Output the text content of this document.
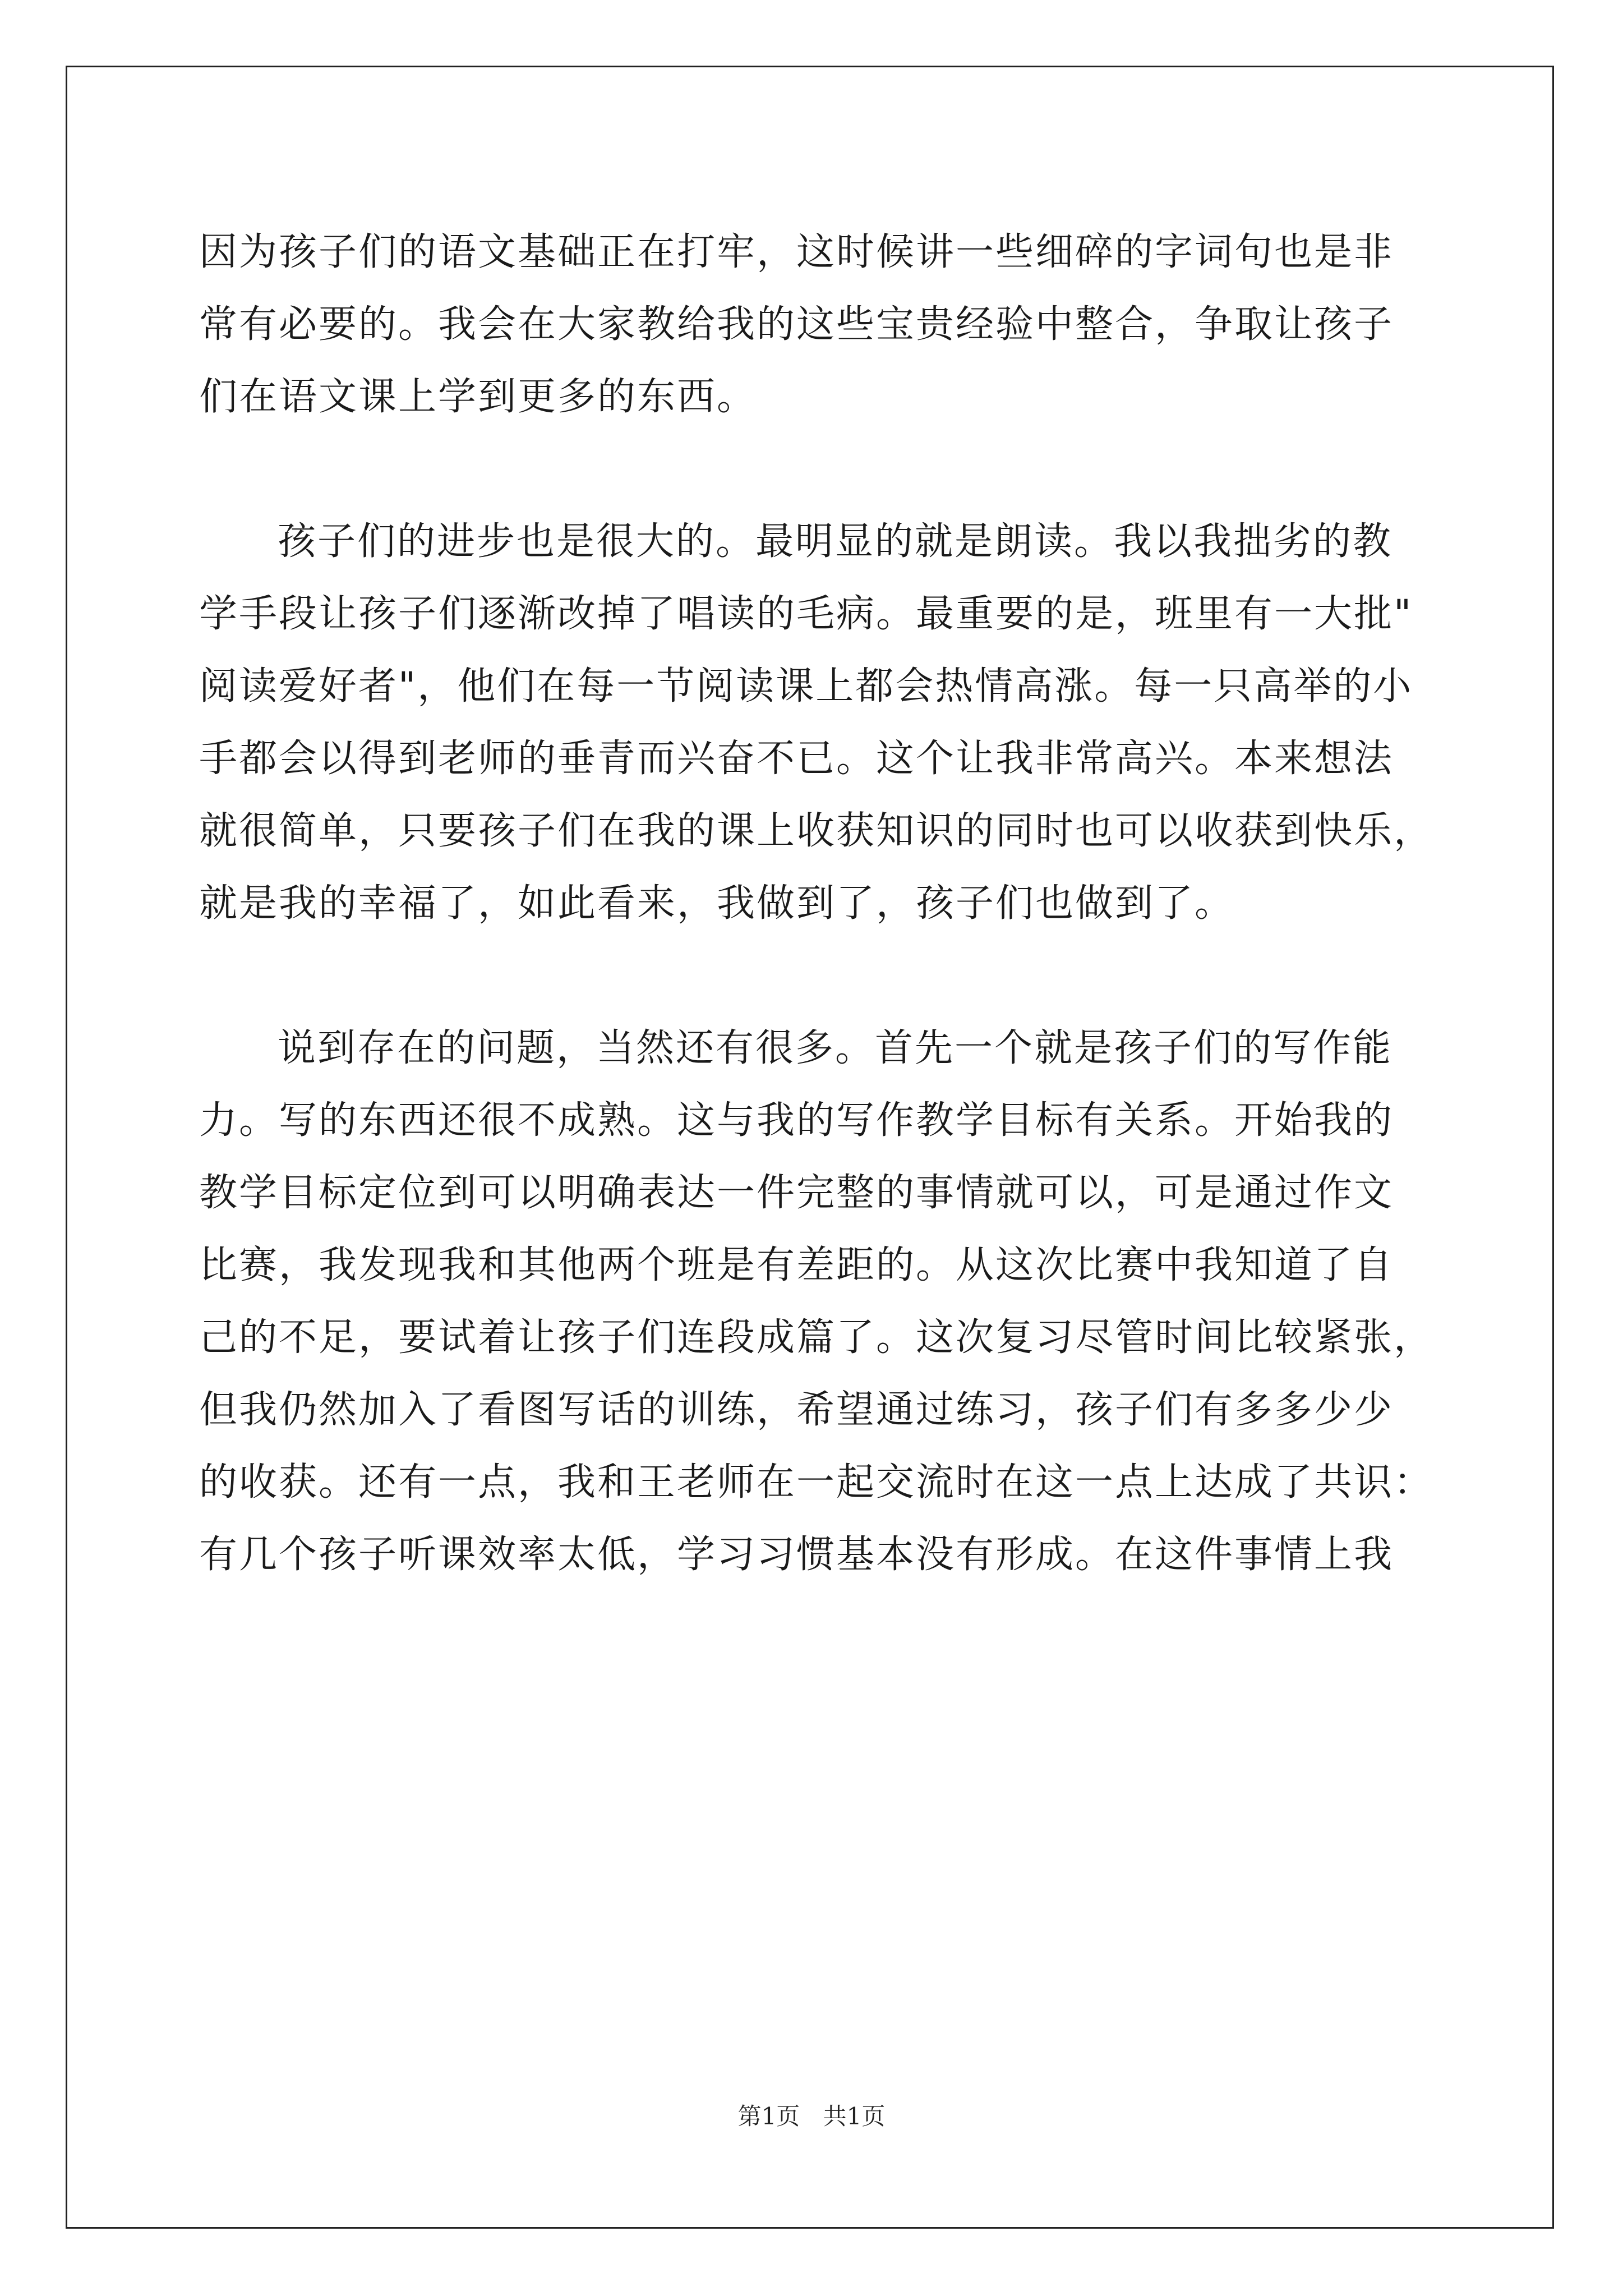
因为孩子们的语文基础正在打牢，这时候讲一些细碎的字词句也是非
常有必要的。我会在大家教给我的这些宝贵经验中整合，争取让孩子
们在语文课上学到更多的东西。
孩子们的进步也是很大的。最明显的就是朗读。我以我拙劣的教
学手段让孩子们逐渐改掉了唱读的毛病。最重要的是，班里有一大批"
阅读爱好者"，他们在每一节阅读课上都会热情高涨。每一只高举的小
手都会以得到老师的垂青而兴奋不已。这个让我非常高兴。本来想法
就很简单，只要孩子们在我的课上收获知识的同时也可以收获到快乐，
就是我的幸福了，如此看来，我做到了，孩子们也做到了。
说到存在的问题，当然还有很多。首先一个就是孩子们的写作能
力。写的东西还很不成熟。这与我的写作教学目标有关系。开始我的
教学目标定位到可以明确表达一件完整的事情就可以，可是通过作文
比赛，我发现我和其他两个班是有差距的。从这次比赛中我知道了自
己的不足，要试着让孩子们连段成篇了。这次复习尽管时间比较紧张，
但我仍然加入了看图写话的训练，希望通过练习，孩子们有多多少少
的收获。还有一点，我和王老师在一起交流时在这一点上达成了共识：
有几个孩子听课效率太低，学习习惯基本没有形成。在这件事情上我
第1页 共1页
